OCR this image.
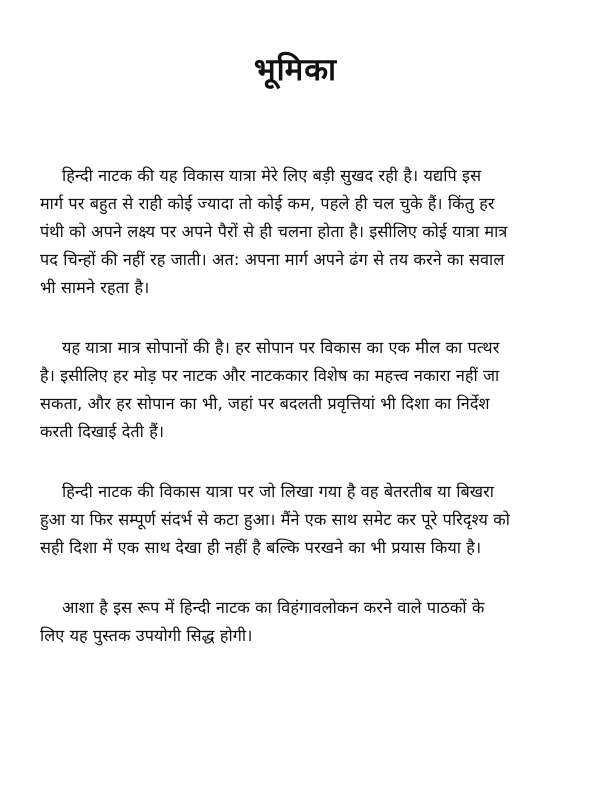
भूमिका

हिन्दी नाटक की यह विकास यात्रा मेरे लिए बड़ी सुखद रही है। यद्यपि इस
मार्ग पर बहुत से राही कोई ज्यादा तो कोई कम, पहले ही चल चुके हैं। किंतु हर
पंथी को अपने लक्ष्य पर अपने पैरों से ही चलना होता है। इसीलिए कोई यात्रा मात्र
पद चिन्हों की नहीं रह जाती। अत: अपना मार्ग अपने ढंग से तय करने का सवाल
भी सामने रहता है।

यह यात्रा मात्र सोपानों की है। हर सोपान पर विकास का एक मील का पत्थर
है। इसीलिए हर मोड़ पर नाटक और नाटककार विशेष का महत्त्व नकारा नहीं जा
सकता, और हर सोपान का भी, जहां पर बदलती प्रवृत्तियां भी दिशा का निर्देश
करती दिखाई देती हैं।

हिन्दी नाटक की विकास यात्रा पर जो लिखा गया है वह बेतरतीब या बिखरा
हुआ या फिर सम्पूर्ण संदर्भ से कटा हुआ। मैंने एक साथ समेट कर पूरे परिदृश्य को
सही दिशा में एक साथ देखा ही नहीं है बल्कि परखने का भी प्रयास किया है।

आशा है इस रूप में हिन्दी नाटक का विहंगावलोकन करने वाले पाठकों के
लिए यह पुस्तक उपयोगी सिद्ध होगी।
